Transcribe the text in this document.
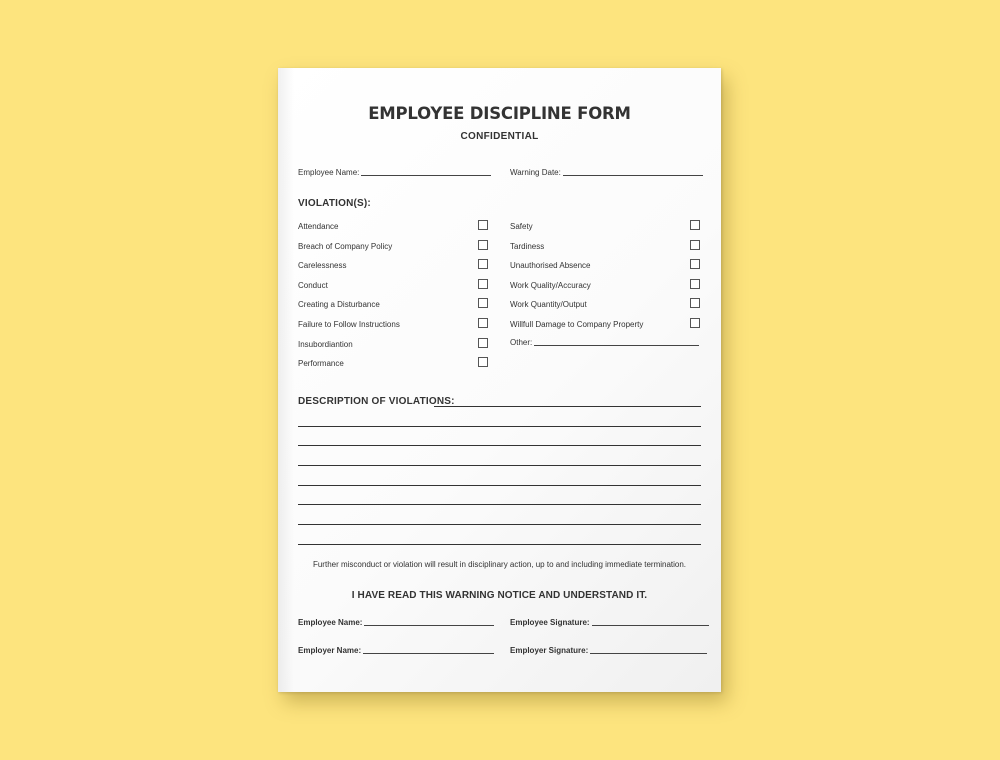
EMPLOYEE DISCIPLINE FORM
CONFIDENTIAL
Employee Name:	Warning Date:
VIOLATION(S):
Attendance
Breach of Company Policy
Carelessness
Conduct
Creating a Disturbance
Failure to Follow Instructions
Insubordiantion
Performance
Safety
Tardiness
Unauthorised Absence
Work Quality/Accuracy
Work Quantity/Output
Willfull Damage to Company Property
Other:
DESCRIPTION OF VIOLATIONS:
Further misconduct or violation will result in disciplinary action, up to and including immediate termination.
I HAVE READ THIS WARNING NOTICE AND UNDERSTAND IT.
Employee Name:	Employee Signature:
Employer Name:	Employer Signature:
